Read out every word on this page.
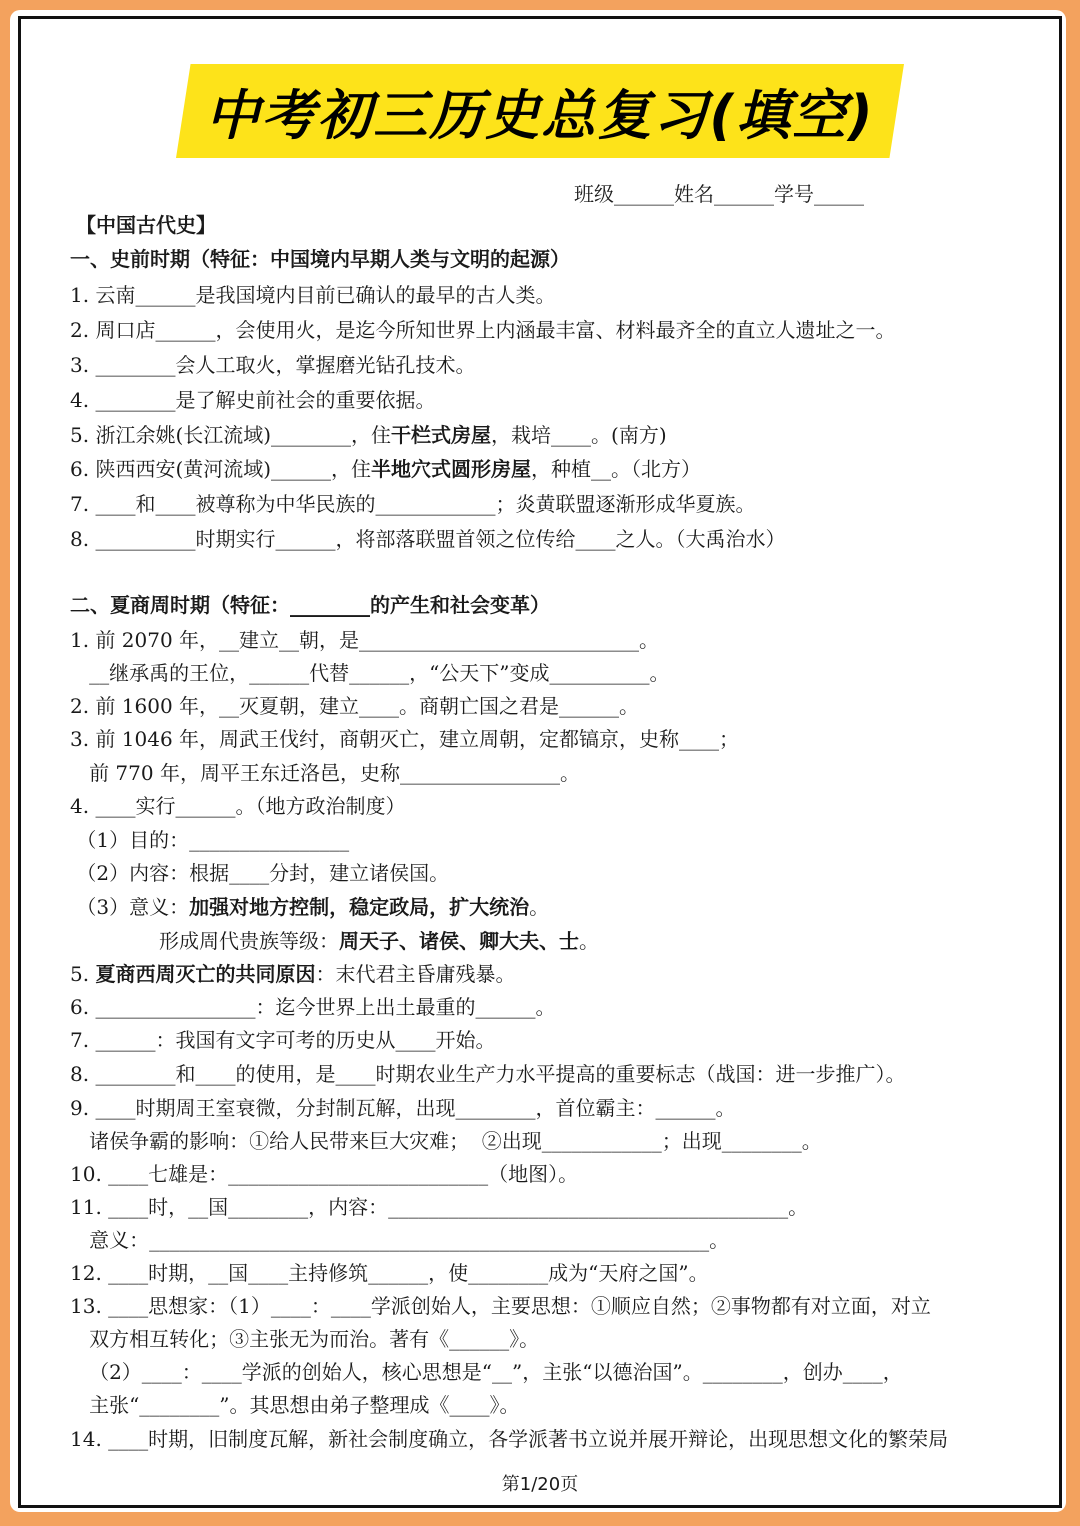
中考初三历史总复习(填空)
班级______姓名______学号_____
【中国古代史】
一、史前时期（特征：中国境内早期人类与文明的起源）
1. 云南______是我国境内目前已确认的最早的古人类。
2. 周口店______，会使用火，是迄今所知世界上内涵最丰富、材料最齐全的直立人遗址之一。
3. ________会人工取火，掌握磨光钻孔技术。
4. ________是了解史前社会的重要依据。
5. 浙江余姚(长江流域)________，住干栏式房屋，栽培____。(南方)
6. 陕西西安(黄河流域)______，住半地穴式圆形房屋，种植__。（北方）
7. ____和____被尊称为中华民族的____________；炎黄联盟逐渐形成华夏族。
8. __________时期实行______，将部落联盟首领之位传给____之人。（大禹治水）
二、夏商周时期（特征：________的产生和社会变革）
1. 前 2070 年，__建立__朝，是____________________________。
__继承禹的王位，______代替______，“公天下”变成__________。
2. 前 1600 年，__灭夏朝，建立____。商朝亡国之君是______。
3. 前 1046 年，周武王伐纣，商朝灭亡，建立周朝，定都镐京，史称____；
前 770 年，周平王东迁洛邑，史称________________。
4. ____实行______。（地方政治制度）
（1）目的：________________
（2）内容：根据____分封，建立诸侯国。
（3）意义：加强对地方控制，稳定政局，扩大统治。
形成周代贵族等级：周天子、诸侯、卿大夫、士。
5. 夏商西周灭亡的共同原因：末代君主昏庸残暴。
6. ________________：迄今世界上出土最重的______。
7. ______：我国有文字可考的历史从____开始。
8. ________和____的使用，是____时期农业生产力水平提高的重要标志（战国：进一步推广）。
9. ____时期周王室衰微，分封制瓦解，出现________，首位霸主：______。
诸侯争霸的影响：①给人民带来巨大灾难；  ②出现____________；出现________。
10. ____七雄是：__________________________（地图）。
11. ____时，__国________，内容：________________________________________。
意义：________________________________________________________。
12. ____时期，__国____主持修筑______，使________成为“天府之国”。
13. ____思想家：（1）____：____学派创始人，主要思想：①顺应自然；②事物都有对立面，对立
双方相互转化；③主张无为而治。著有《______》。
（2）____：____学派的创始人，核心思想是“__”，主张“以德治国”。________，创办____，
主张“________”。其思想由弟子整理成《____》。
14. ____时期，旧制度瓦解，新社会制度确立，各学派著书立说并展开辩论，出现思想文化的繁荣局
第1/20页
